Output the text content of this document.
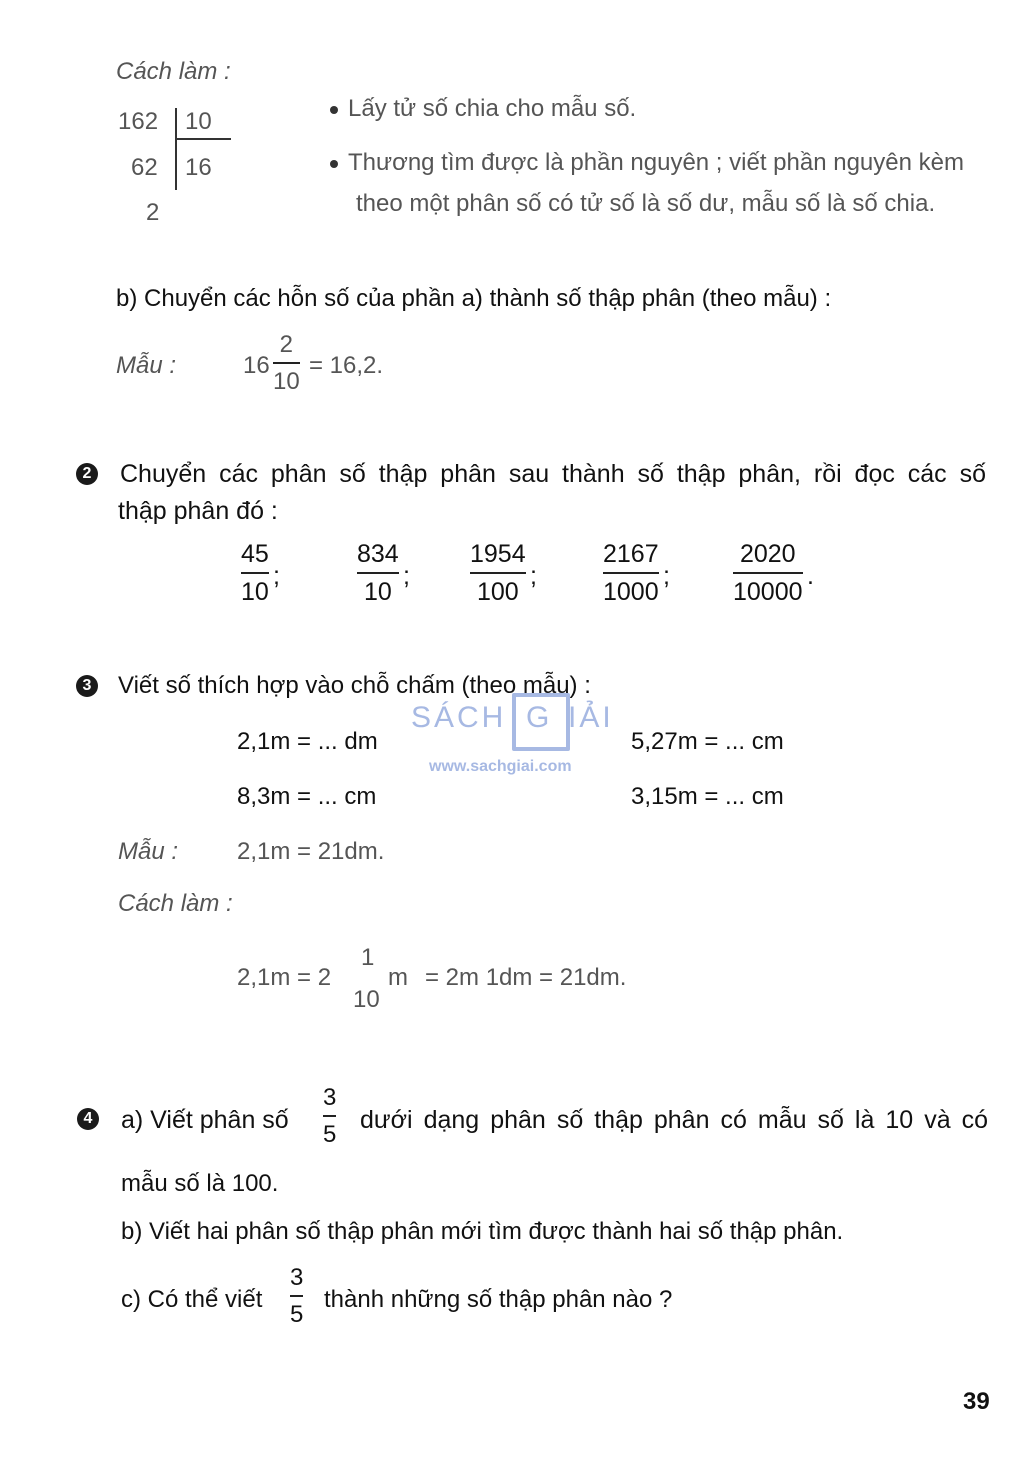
Cách làm :
162 10
62 16
2
Lấy tử số chia cho mẫu số.
Thương tìm được là phần nguyên ; viết phần nguyên kèm
theo một phân số có tử số là số dư, mẫu số là số chia.
b) Chuyển các hỗn số của phần a) thành số thập phân (theo mẫu) :
Mẫu :	16
2
10
= 16,2.
2 Chuyển các phân số thập phân sau thành số thập phân, rồi đọc các số
thập phân đó :
45
10
;
834
10
;
1954
100
;
2167
1000
;
2020
10000
.
3 Viết số thích hợp vào chỗ chấm (theo mẫu) :
2,1m = ... dm	5,27m = ... cm
8,3m = ... cm	3,15m = ... cm
SÁCH G IẢI
www.sachgiai.com
Mẫu : 2,1m = 21dm.
Cách làm :
2,1m = 2
1
10
m = 2m 1dm = 21dm.
4 a) Viết phân số
3
5 dưới dạng phân số thập phân có mẫu số là 10 và có
mẫu số là 100.
b) Viết hai phân số thập phân mới tìm được thành hai số thập phân.
c) Có thể viết
3
5
thành những số thập phân nào ?
39
